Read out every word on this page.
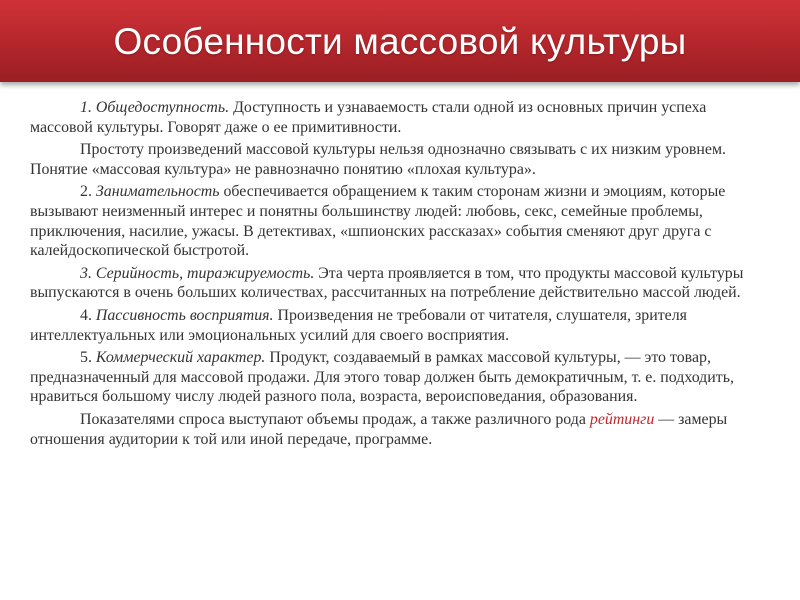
Особенности массовой культуры

1. Общедоступность. Доступность и узнаваемость стали одной из основных причин успеха массовой культуры. Говорят даже о ее примитивности.

Простоту произведений массовой культуры нельзя однозначно связывать с их низким уровнем. Понятие «массовая культура» не равнозначно понятию «плохая культура».

2. Занимательность обеспечивается обращением к таким сторонам жизни и эмоциям, которые вызывают неизменный интерес и понятны большинству людей: любовь, секс, семейные проблемы, приключения, насилие, ужасы. В детективах, «шпионских рассказах» события сменяют друг друга с калейдоскопической быстротой.

3. Серийность, тиражируемость. Эта черта проявляется в том, что продукты массовой культуры выпускаются в очень больших количествах, рассчитанных на потребление действительно массой людей.

4. Пассивность восприятия. Произведения не требовали от читателя, слушателя, зрителя интеллектуальных или эмоциональных усилий для своего восприятия.

5. Коммерческий характер. Продукт, создаваемый в рамках массовой культуры, — это товар, предназначенный для массовой продажи. Для этого товар должен быть демократичным, т. е. подходить, нравиться большому числу людей разного пола, возраста, вероисповедания, образования.

Показателями спроса выступают объемы продаж, а также различного рода рейтинги — замеры отношения аудитории к той или иной передаче, программе.
